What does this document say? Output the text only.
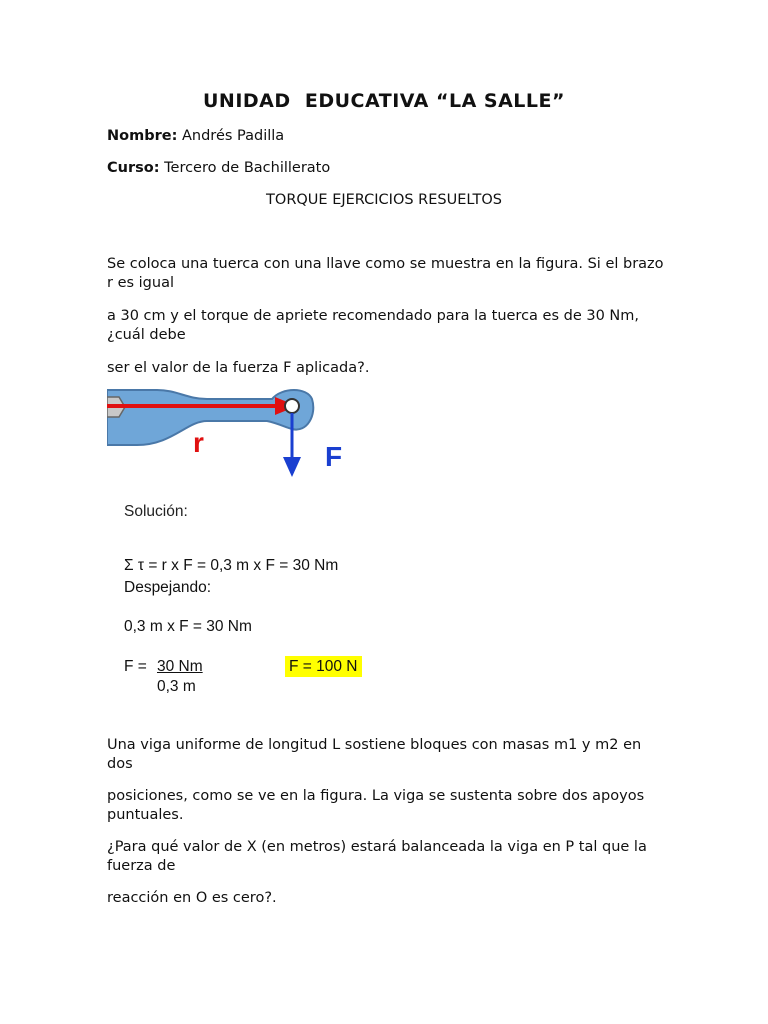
UNIDAD  EDUCATIVA “LA SALLE”
Nombre: Andrés Padilla
Curso: Tercero de Bachillerato
TORQUE EJERCICIOS RESUELTOS
Se coloca una tuerca con una llave como se muestra en la figura. Si el brazo r es igual
a 30 cm y el torque de apriete recomendado para la tuerca es de 30 Nm, ¿cuál debe
ser el valor de la fuerza F aplicada?.
r	F
Solución:
Σ τ = r x F = 0,3 m x F = 30 Nm
Despejando:
0,3 m x F = 30 Nm
F = 30 Nm
0,3 m
F = 100 N
Una viga uniforme de longitud L sostiene bloques con masas m1 y m2 en dos
posiciones, como se ve en la figura. La viga se sustenta sobre dos apoyos puntuales.
¿Para qué valor de X (en metros) estará balanceada la viga en P tal que la fuerza de
reacción en O es cero?.
